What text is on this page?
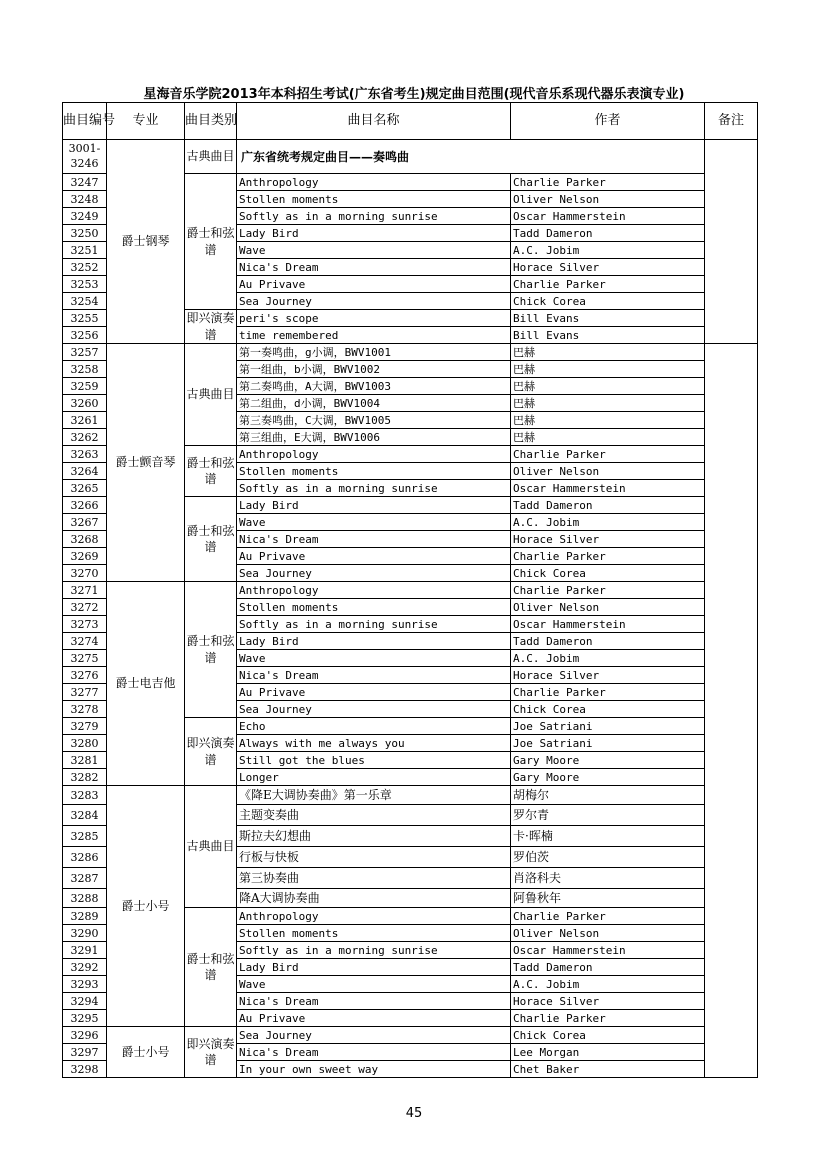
星海音乐学院2013年本科招生考试(广东省考生)规定曲目范围(现代音乐系现代器乐表演专业)
曲目编号	专业	曲目类别	曲目名称	作者	备注	
3001-3246	爵士钢琴	古典曲目	广东省统考规定曲目——奏鸣曲			
3247		爵士和弦谱	Anthropology	Charlie Parker		
3248			Stollen moments	Oliver Nelson		
3249			Softly as in a morning sunrise	Oscar Hammerstein		
3250			Lady Bird	Tadd Dameron		
3251			Wave	A.C. Jobim		
3252			Nica's Dream	Horace Silver		
3253			Au Privave	Charlie Parker		
3254			Sea Journey	Chick Corea		
3255		即兴演奏谱	peri's scope	Bill Evans		
3256			time remembered	Bill Evans		
3257	爵士颤音琴	古典曲目	第一奏鸣曲，g小调，BWV1001	巴赫		
3258			第一组曲，b小调，BWV1002	巴赫		
3259			第二奏鸣曲，A大调，BWV1003	巴赫		
3260			第二组曲，d小调，BWV1004	巴赫		
3261			第三奏鸣曲，C大调，BWV1005	巴赫		
3262			第三组曲，E大调，BWV1006	巴赫		
3263		爵士和弦谱	Anthropology	Charlie Parker		
3264			Stollen moments	Oliver Nelson		
3265			Softly as in a morning sunrise	Oscar Hammerstein		
3266		爵士和弦谱	Lady Bird	Tadd Dameron		
3267			Wave	A.C. Jobim		
3268			Nica's Dream	Horace Silver		
3269			Au Privave	Charlie Parker		
3270			Sea Journey	Chick Corea		
3271	爵士电吉他	爵士和弦谱	Anthropology	Charlie Parker		
3272			Stollen moments	Oliver Nelson		
3273			Softly as in a morning sunrise	Oscar Hammerstein		
3274			Lady Bird	Tadd Dameron		
3275			Wave	A.C. Jobim		
3276			Nica's Dream	Horace Silver		
3277			Au Privave	Charlie Parker		
3278			Sea Journey	Chick Corea		
3279		即兴演奏谱	Echo	Joe Satriani		
3280			Always with me always you	Joe Satriani		
3281			Still got the blues	Gary Moore		
3282			Longer	Gary Moore		
3283	爵士小号	古典曲目	《降E大调协奏曲》第一乐章	胡梅尔		
3284			主题变奏曲	罗尔青		
3285			斯拉夫幻想曲	卡·晖楠		
3286			行板与快板	罗伯茨		
3287			第三协奏曲	肖洛科夫		
3288			降A大调协奏曲	阿鲁秋年		
3289		爵士和弦谱	Anthropology	Charlie Parker		
3290			Stollen moments	Oliver Nelson		
3291			Softly as in a morning sunrise	Oscar Hammerstein		
3292			Lady Bird	Tadd Dameron		
3293			Wave	A.C. Jobim		
3294			Nica's Dream	Horace Silver		
3295			Au Privave	Charlie Parker		
3296	爵士小号	即兴演奏谱	Sea Journey	Chick Corea		
3297			Nica's Dream	Lee Morgan		
3298			In your own sweet way	Chet Baker		
45
